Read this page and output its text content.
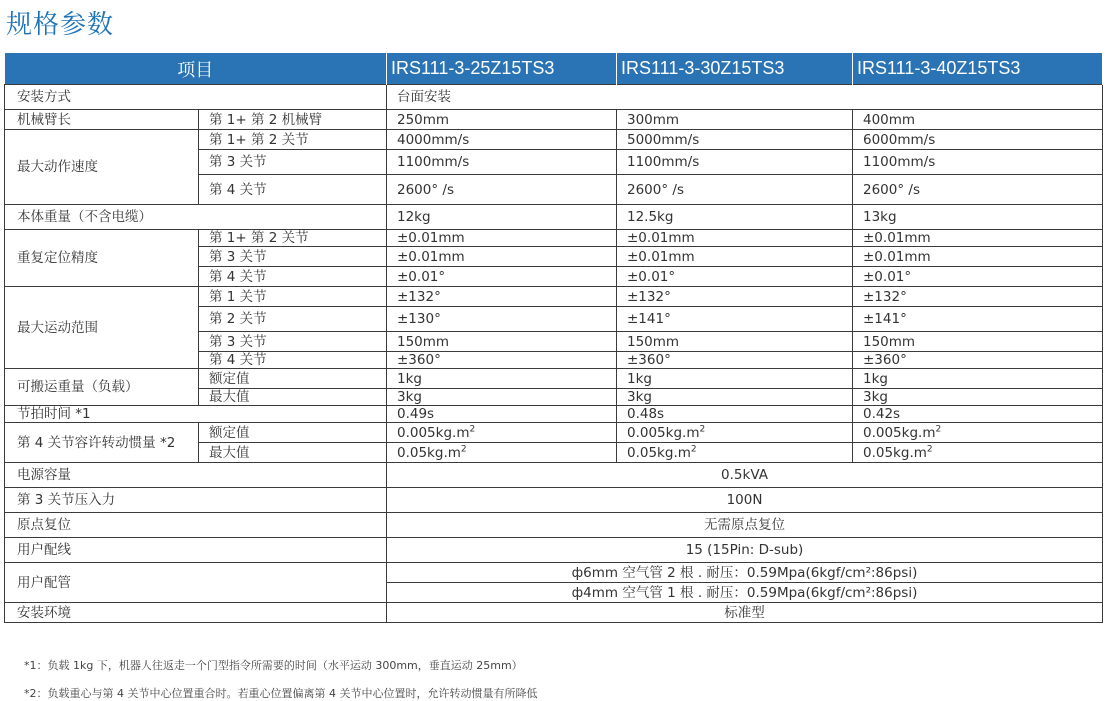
规格参数
项目		IRS111-3-25Z15TS3	IRS111-3-30Z15TS3	IRS111-3-40Z15TS3
安装方式		台面安装		
机械臂长	第 1+ 第 2 机械臂	250mm	300mm	400mm
最大动作速度	第 1+ 第 2 关节	4000mm/s	5000mm/s	6000mm/s
	第 3 关节	1100mm/s	1100mm/s	1100mm/s
	第 4 关节	2600° /s	2600° /s	2600° /s
本体重量（不含电缆）		12kg	12.5kg	13kg
重复定位精度	第 1+ 第 2 关节	±0.01mm	±0.01mm	±0.01mm
	第 3 关节	±0.01mm	±0.01mm	±0.01mm
	第 4 关节	±0.01°	±0.01°	±0.01°
最大运动范围	第 1 关节	±132°	±132°	±132°
	第 2 关节	±130°	±141°	±141°
	第 3 关节	150mm	150mm	150mm
	第 4 关节	±360°	±360°	±360°
可搬运重量（负载）	额定值	1kg	1kg	1kg
	最大值	3kg	3kg	3kg
节拍时间 *1		0.49s	0.48s	0.42s
第 4 关节容许转动惯量 *2	额定值	$0.005kg.m^2$	$0.005kg.m^2$	$0.005kg.m^2$
	最大值	$0.05kg.m^2$	$0.05kg.m^2$	$0.05kg.m^2$
电源容量		0.5kVA		
第 3 关节压入力		100N		
原点复位		无需原点复位		
用户配线		15 (15Pin: D-sub)		
用户配管		ф6mm 空气管 2 根 . 耐压：0.59Mpa(6kgf/cm²:86psi)		
		ф4mm 空气管 1 根 . 耐压：0.59Mpa(6kgf/cm²:86psi)		
安装环境		标准型		
*1：负载 1kg 下，机器人往返走一个门型指令所需要的时间（水平运动 300mm，垂直运动 25mm）
*2：负载重心与第 4 关节中心位置重合时。若重心位置偏离第 4 关节中心位置时，允许转动惯量有所降低
